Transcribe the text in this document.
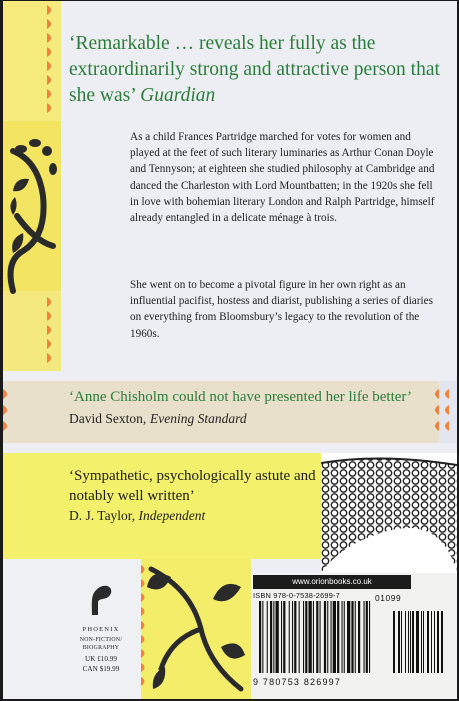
‘Remarkable … reveals her fully as the extraordinarily strong and attractive person that she was’ Guardian
As a child Frances Partridge marched for votes for women and played at the feet of such literary luminaries as Arthur Conan Doyle and Tennyson; at eighteen she studied philosophy at Cambridge and danced the Charleston with Lord Mountbatten; in the 1920s she fell in love with bohemian literary London and Ralph Partridge, himself already entangled in a delicate ménage à trois.
She went on to become a pivotal figure in her own right as an influential pacifist, hostess and diarist, publishing a series of diaries on everything from Bloomsbury’s legacy to the revolution of the 1960s.
‘Anne Chisholm could not have presented her life better’ David Sexton, Evening Standard
‘Sympathetic, psychologically astute and notably well written’
D. J. Taylor, Independent
PHOENIX
NON-FICTION/
BIOGRAPHY
UK £10.99
CAN $19.99
www.orionbooks.co.uk
ISBN 978-0-7538-2699-7	01099
9 780753 826997
